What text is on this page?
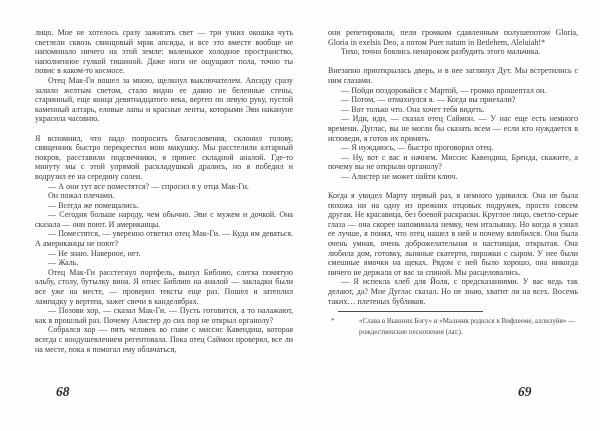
лицо. Мне не хотелось сразу зажигать свет — три узких окошка чуть светлели сквозь свинцовый мрак апсиды, и все это вместе вообще не напоминало ничего на этой земле: маленькое холодное пространство, наполненное гулкой тишиной. Даже ноги не ощущают пола, точно ты повис в каком-то космосе.

Отец Мак-Ги вошел за мною, щелкнул выключателем. Апсиду сразу залило желтым светом, стало видно ее давно не беленные стены, старинный, еще конца девятнадцатого века, вертеп по левую руку, пустой каменный алтарь, еловые лапы и красные ленты, которыми Эви накануне украсила часовню.

Я вспомнил, что надо попросить благословения, склонил голову, священник быстро перекрестил мою макушку. Мы расстелили алтарный покров, расставили подсвечники, я принес складной аналой. Где-то минуту мы с этой упрямой раскладушкой дрались, но я победил и водрузил ее на середину солеи.

— А они тут все поместятся? — спросил я у отца Мак-Ги.

Он пожал плечами.

— Всегда же помещались.

— Сегодня больше народу, чем обычно. Эви с мужем и дочкой. Она сказала — они поют. И американцы.

— Поместятся, — уверенно ответил отец Мак-Ги. — Куда им деваться. А американцы не поют?

— Не знаю. Наверное, нет.

— Жаль.

Отец Мак-Ги расстегнул портфель, вынул Библию, слегка помятую альбу, столу, бутылку вина. Я отнес Библию на аналой — закладки были все уже на месте, — проверил тексты еще раз. Пошел и затеплил лампадку у вертепа, зажег свечи в канделябрах.

— Позови хор, — сказал Мак-Ги. — Пусть готовится, а то налажают, как в прошлый раз. Почему Алистер до сих пор не открыл органолу?

Собрался хор — пять человек во главе с миссис Кавендиш, которая всегда с воодушевлением регентовала. Пока отец Саймон проверял, все ли на месте, пока я помогал ему облачаться,

они репетировали, пели громким сдавленным полушепотом Gloria, Gloria in exelsis Deo, а потом Puer natum in Betlehem, Aleluiah!*

Тихо, точно боялись ненароком разбудить этого мальчика.

Внезапно приоткрылась дверь, и в нее заглянул Дут. Мы встретились с ним глазами.

— Пойди поздоровайся с Мартой, — громко прошептал он.

— Потом, — отмахнулся я. — Когда вы приехали?

— Вот только что. Она хочет тебя видеть.

— Иди, иди, — сказал отец Саймон. — У нас еще есть немного времени. Дуглас, вы не могли бы сказать всем — если кто нуждается в исповеди, я готов их принять.

— Я нуждаюсь, — быстро проговорил отец.

— Ну, вот с вас и начнем. Миссис Кавендиш, Бренда, скажите, а почему вы не открыли органолу?

— Алистер не может найти ключ.

Когда я увидел Марту первый раз, я немного удивился. Она не была похожа ни на одну из прежних отцовых подружек, просто совсем другая. Не красавица, без боевой раскраски. Круглое лицо, светло-серые глаза — она скорее напоминала немку, чем итальянку. Но когда я узнал ее лучше, я понял, что отец нашел в ней и почему влюбился. Она была очень умная, очень доброжелательная и настоящая, открытая. Она любила дом, готовку, льняные скатерти, пирожки с сыром. У нее были смешные ямочки на щеках. Рядом с ней было хорошо, она никогда ничего не держала от вас за спиной. Мы расцеловались.

— Я испекла хлеб для Йоля, с предсказаниями. У вас ведь так делают, да? Мне Дуглас сказал. Но не знаю, хватит ли на всех. Восемь таких… плетеных бубликов.

*	«Слава в Вышних Богу» и «Мальчик родился в Вифлееме, аллилуйя» — рождественские песнопения (лат.).
68	69
